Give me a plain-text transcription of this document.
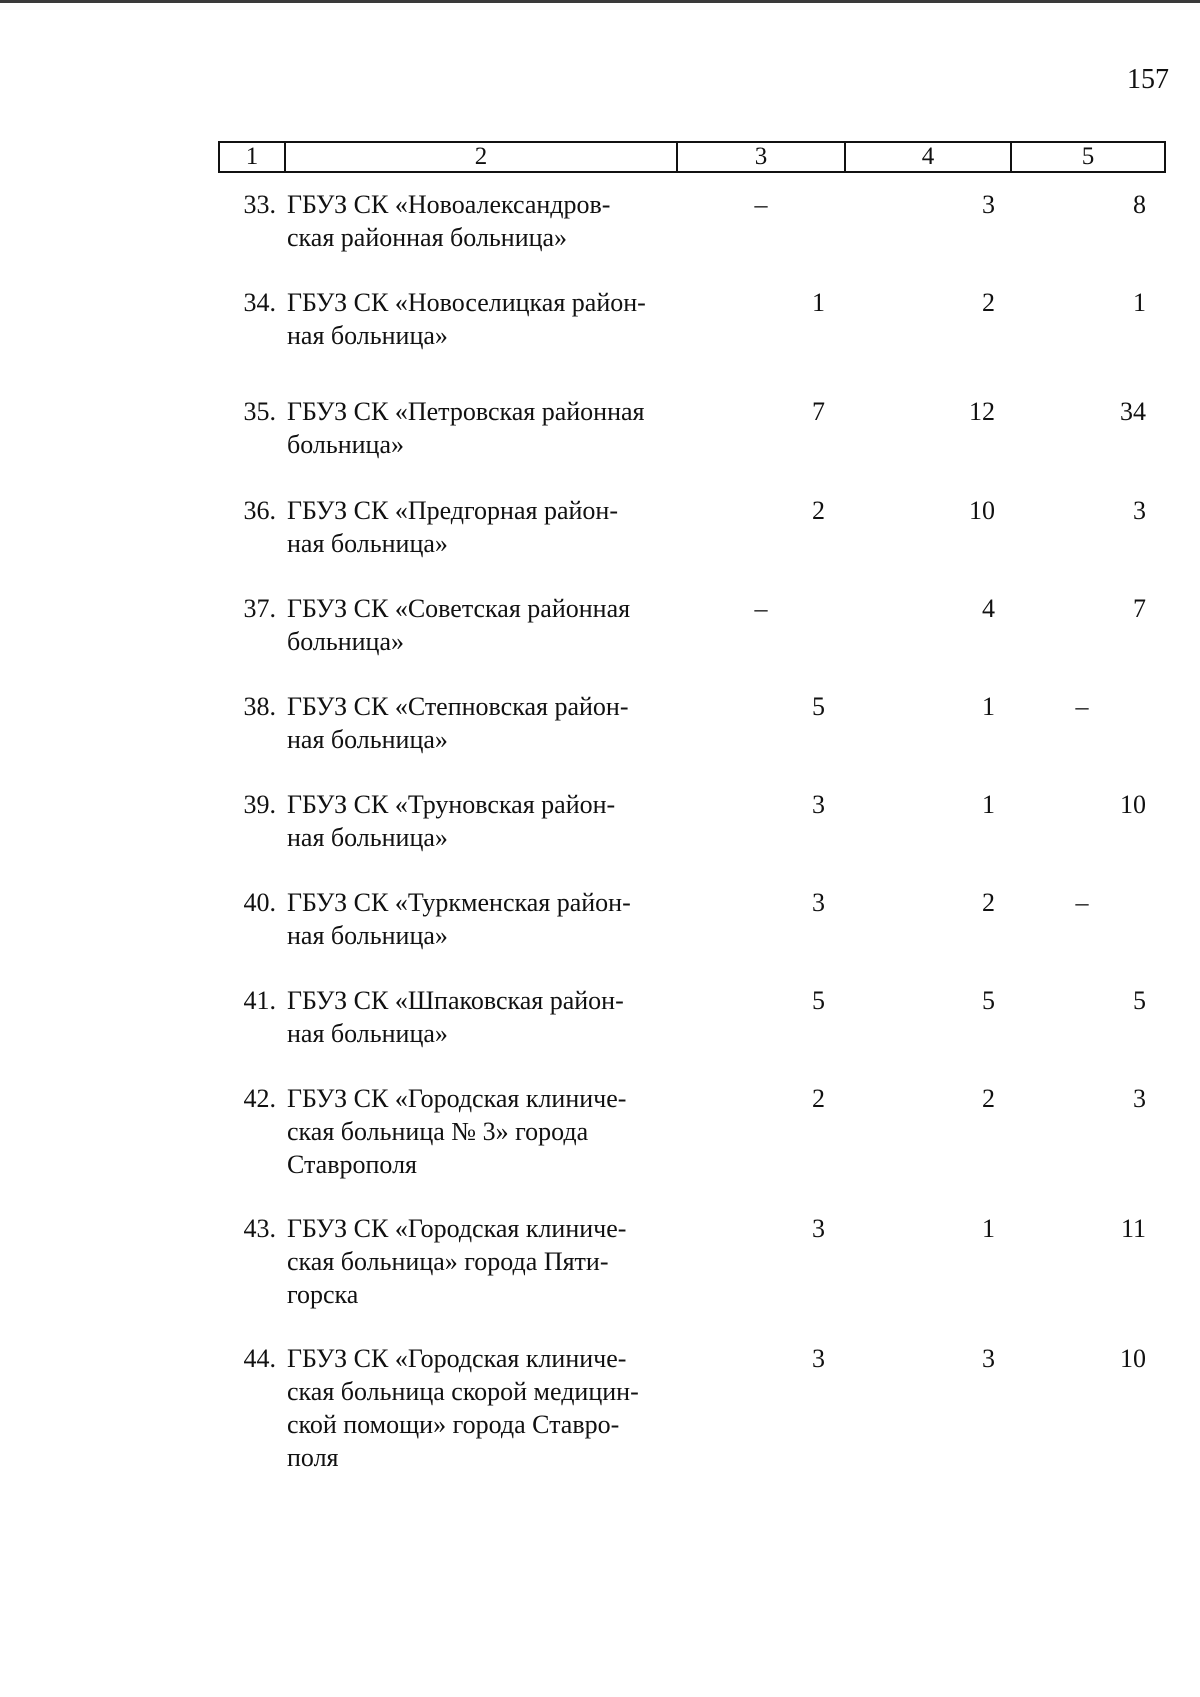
157
1	2	3	4	5
33. ГБУЗ СК «Новоалександров-
ская районная больница»
–	3	8
34. ГБУЗ СК «Новоселицкая район-
ная больница»
1	2	1
35. ГБУЗ СК «Петровская районная
больница»
7	12	34
36. ГБУЗ СК «Предгорная район-
ная больница»
2	10	3
37. ГБУЗ СК «Советская районная
больница»
–	4	7
38. ГБУЗ СК «Степновская район-
ная больница»
5	1	–
39. ГБУЗ СК «Труновская район-
ная больница»
3	1	10
40. ГБУЗ СК «Туркменская район-
ная больница»
3	2	–
41. ГБУЗ СК «Шпаковская район-
ная больница»
5	5	5
42. ГБУЗ СК «Городская клиниче-
ская больница № 3» города
Ставрополя
2	2	3
43. ГБУЗ СК «Городская клиниче-
ская больница» города Пяти-
горска
3	1	11
44. ГБУЗ СК «Городская клиниче-
ская больница скорой медицин-
ской помощи» города Ставро-
поля
3	3	10
